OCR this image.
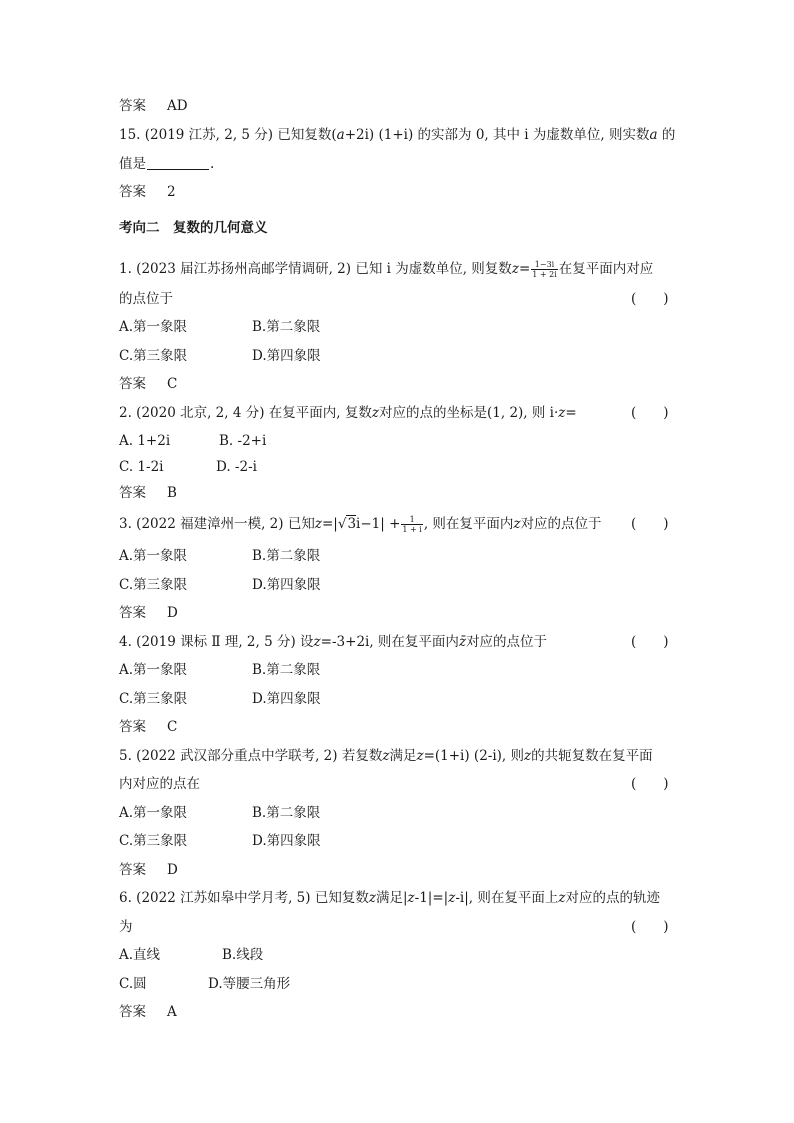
答案 AD
15. (2019 江苏, 2, 5 分) 已知复数(a+2i) (1+i) 的实部为 0, 其中 i 为虚数单位, 则实数a 的
值是	.
答案 2
考向二　复数的几何意义
1. (2023 届江苏扬州高邮学情调研, 2) 已知 i 为虚数单位, 则复数$z= \frac{1-3i}{1 + 2i}$ 在复平面内对应
的点位于	(　　)
A.第一象限	B.第二象限
C.第三象限	D.第四象限
答案 C
2. (2020 北京, 2, 4 分) 在复平面内, 复数z对应的点的坐标是(1, 2), 则 i·z=	(　　)
A. 1+2i	B. -2+i
C. 1-2i	D. -2-i
答案 B
3. (2022 福建漳州一模, 2) 已知$z=|√3i-1| + \frac{1}{1 + i}$ , 则在复平面内z对应的点位于 (　　)
A.第一象限	B.第二象限
C.第三象限	D.第四象限
答案 D
4. (2019 课标 Ⅱ 理, 2, 5 分) 设z=-3+2i, 则在复平面内z̄对应的点位于	(　　)
A.第一象限	B.第二象限
C.第三象限	D.第四象限
答案 C
5. (2022 武汉部分重点中学联考, 2) 若复数z满足z=(1+i) (2-i), 则z的共轭复数在复平面
内对应的点在	(　　)
A.第一象限	B.第二象限
C.第三象限	D.第四象限
答案 D
6. (2022 江苏如皋中学月考, 5) 已知复数z满足|z-1|=|z-i|, 则在复平面上z对应的点的轨迹
为	(　　)
A.直线	B.线段
C.圆	D.等腰三角形
答案 A
